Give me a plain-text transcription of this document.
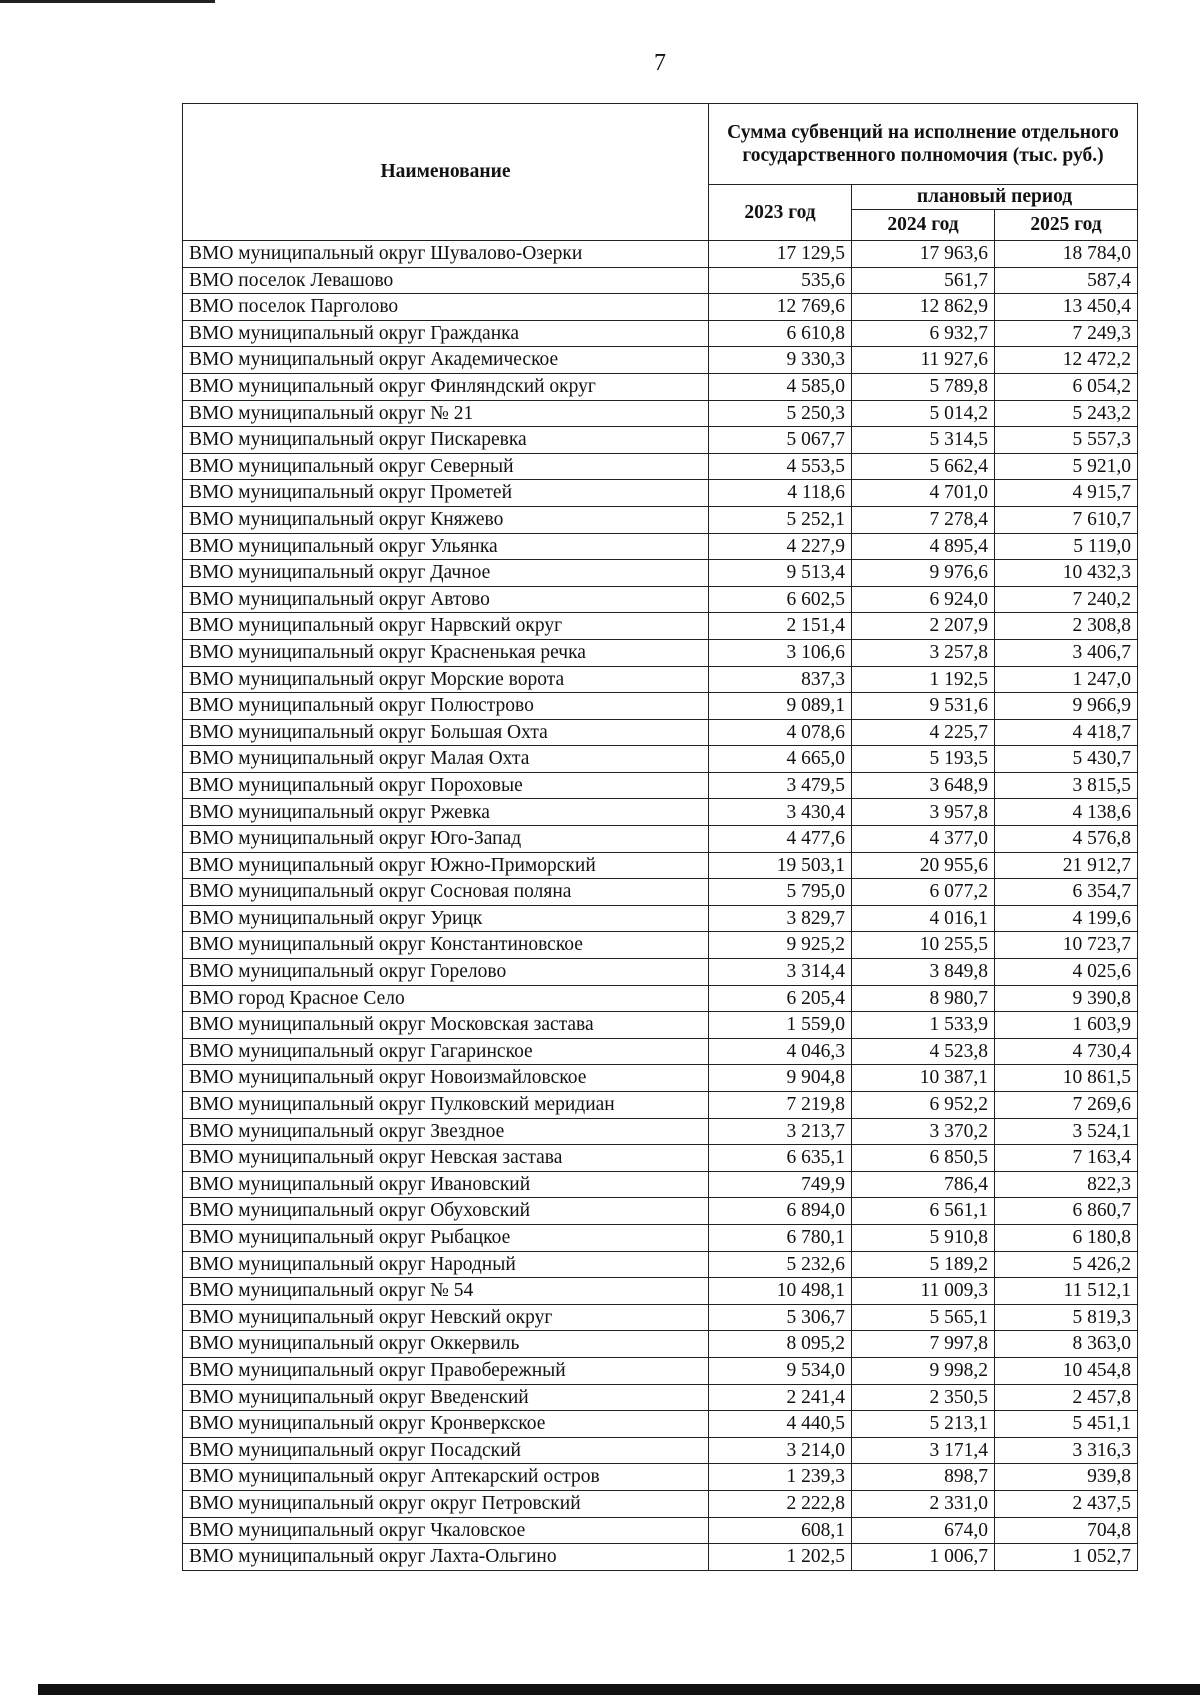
7
Наименование	Сумма субвенций на исполнение отдельного государственного полномочия (тыс. руб.)		
	2023 год	плановый период	
		2024 год	2025 год
ВМО муниципальный округ Шувалово-Озерки	17 129,5	17 963,6	18 784,0
ВМО поселок Левашово	535,6	561,7	587,4
ВМО поселок Парголово	12 769,6	12 862,9	13 450,4
ВМО муниципальный округ Гражданка	6 610,8	6 932,7	7 249,3
ВМО муниципальный округ Академическое	9 330,3	11 927,6	12 472,2
ВМО муниципальный округ Финляндский округ	4 585,0	5 789,8	6 054,2
ВМО муниципальный округ № 21	5 250,3	5 014,2	5 243,2
ВМО муниципальный округ Пискаревка	5 067,7	5 314,5	5 557,3
ВМО муниципальный округ Северный	4 553,5	5 662,4	5 921,0
ВМО муниципальный округ Прометей	4 118,6	4 701,0	4 915,7
ВМО муниципальный округ Княжево	5 252,1	7 278,4	7 610,7
ВМО муниципальный округ Ульянка	4 227,9	4 895,4	5 119,0
ВМО муниципальный округ Дачное	9 513,4	9 976,6	10 432,3
ВМО муниципальный округ Автово	6 602,5	6 924,0	7 240,2
ВМО муниципальный округ Нарвский округ	2 151,4	2 207,9	2 308,8
ВМО муниципальный округ Красненькая речка	3 106,6	3 257,8	3 406,7
ВМО муниципальный округ Морские ворота	837,3	1 192,5	1 247,0
ВМО муниципальный округ Полюстрово	9 089,1	9 531,6	9 966,9
ВМО муниципальный округ Большая Охта	4 078,6	4 225,7	4 418,7
ВМО муниципальный округ Малая Охта	4 665,0	5 193,5	5 430,7
ВМО муниципальный округ Пороховые	3 479,5	3 648,9	3 815,5
ВМО муниципальный округ Ржевка	3 430,4	3 957,8	4 138,6
ВМО муниципальный округ Юго-Запад	4 477,6	4 377,0	4 576,8
ВМО муниципальный округ Южно-Приморский	19 503,1	20 955,6	21 912,7
ВМО муниципальный округ Сосновая поляна	5 795,0	6 077,2	6 354,7
ВМО муниципальный округ Урицк	3 829,7	4 016,1	4 199,6
ВМО муниципальный округ Константиновское	9 925,2	10 255,5	10 723,7
ВМО муниципальный округ Горелово	3 314,4	3 849,8	4 025,6
ВМО город Красное Село	6 205,4	8 980,7	9 390,8
ВМО муниципальный округ Московская застава	1 559,0	1 533,9	1 603,9
ВМО муниципальный округ Гагаринское	4 046,3	4 523,8	4 730,4
ВМО муниципальный округ Новоизмайловское	9 904,8	10 387,1	10 861,5
ВМО муниципальный округ Пулковский меридиан	7 219,8	6 952,2	7 269,6
ВМО муниципальный округ Звездное	3 213,7	3 370,2	3 524,1
ВМО муниципальный округ Невская застава	6 635,1	6 850,5	7 163,4
ВМО муниципальный округ Ивановский	749,9	786,4	822,3
ВМО муниципальный округ Обуховский	6 894,0	6 561,1	6 860,7
ВМО муниципальный округ Рыбацкое	6 780,1	5 910,8	6 180,8
ВМО муниципальный округ Народный	5 232,6	5 189,2	5 426,2
ВМО муниципальный округ № 54	10 498,1	11 009,3	11 512,1
ВМО муниципальный округ Невский округ	5 306,7	5 565,1	5 819,3
ВМО муниципальный округ Оккервиль	8 095,2	7 997,8	8 363,0
ВМО муниципальный округ Правобережный	9 534,0	9 998,2	10 454,8
ВМО муниципальный округ Введенский	2 241,4	2 350,5	2 457,8
ВМО муниципальный округ Кронверкское	4 440,5	5 213,1	5 451,1
ВМО муниципальный округ Посадский	3 214,0	3 171,4	3 316,3
ВМО муниципальный округ Аптекарский остров	1 239,3	898,7	939,8
ВМО муниципальный округ округ Петровский	2 222,8	2 331,0	2 437,5
ВМО муниципальный округ Чкаловское	608,1	674,0	704,8
ВМО муниципальный округ Лахта-Ольгино	1 202,5	1 006,7	1 052,7
